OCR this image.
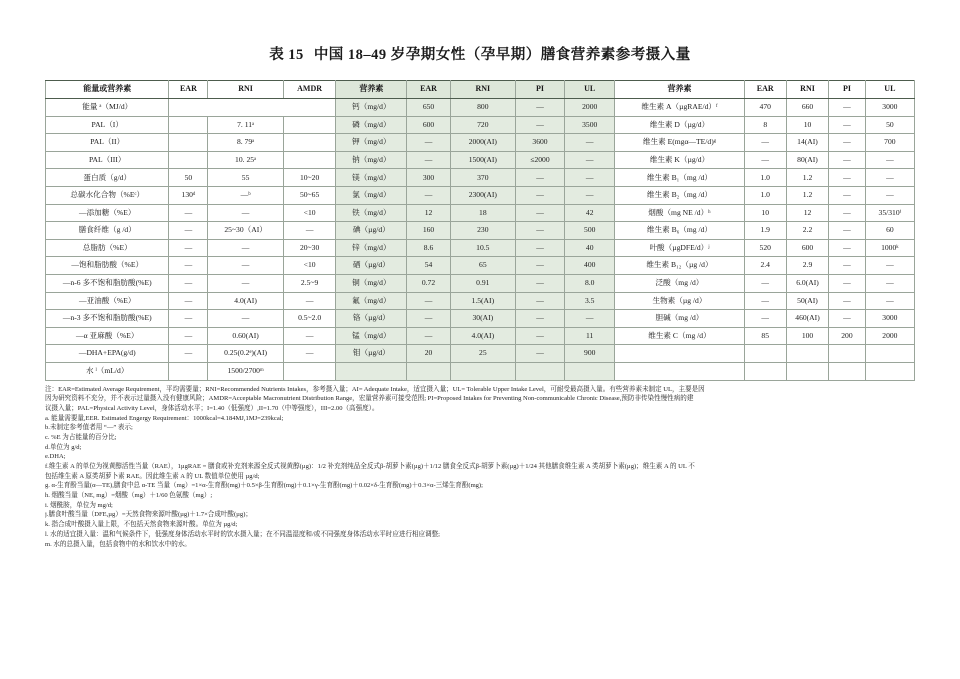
表 15 中国 18–49 岁孕期女性（孕早期）膳食营养素参考摄入量
能量或营养素	EAR	RNI	AMDR	营养素	EAR	RNI	PI	UL	营养素	EAR	RNI	PI	UL
能量 ᵃ（MJ/d）				钙（mg/d）	650	800	—	2000	维生素 A（µgRAE/d）ᶠ	470	660	—	3000
PAL（I）		7. 11ᵃ		磷（mg/d）	600	720	—	3500	维生素 D（µg/d）	8	10	—	50
PAL（II）		8. 79ᵃ		钾（mg/d）	—	2000(AI)	3600	—	维生素 E(mgα—TE/d)ᵍ	—	14(AI)	—	700
PAL（III）		10. 25ᵃ		钠（mg/d）	—	1500(AI)	≤2000	—	维生素 K（µg/d）	—	80(AI)	—	—
蛋白质（g/d）	50	55	10~20	镁（mg/d）	300	370	—	—	维生素 B₁（mg /d）	1.0	1.2	—	—
总碳水化合物（%Eᶜ）	130ᵈ	—ᵇ	50~65	氯（mg/d）	—	2300(AI)	—	—	维生素 B₂（mg /d）	1.0	1.2	—	—
—添加糖（%E）	—	—	<10	铁（mg/d）	12	18	—	42	烟酸（mg NE /d）ʰ	10	12	—	35/310ⁱ
膳食纤维（g /d）	—	25~30（AI）	—	碘（µg/d）	160	230	—	500	维生素 B₆（mg /d）	1.9	2.2	—	60
总脂肪（%E）	—	—	20~30	锌（mg/d）	8.6	10.5	—	40	叶酸（µgDFE/d）ʲ	520	600	—	1000ᵏ
—饱和脂肪酸（%E）	—	—	<10	硒（µg/d）	54	65	—	400	维生素 B₁₂（µg /d）	2.4	2.9	—	—
—n-6 多不饱和脂肪酸(%E)	—	—	2.5~9	铜（mg/d）	0.72	0.91	—	8.0	泛酸（mg /d）	—	6.0(AI)	—	—
—亚油酸（%E）	—	4.0(AI)	—	氟（mg/d）	—	1.5(AI)	—	3.5	生物素（µg /d）	—	50(AI)	—	—
—n-3 多不饱和脂肪酸(%E)	—	—	0.5~2.0	铬（µg/d）	—	30(AI)	—	—	胆碱（mg /d）	—	460(AI)	—	3000
—α 亚麻酸（%E）	—	0.60(AI)	—	锰（mg/d）	—	4.0(AI)	—	11	维生素 C（mg /d）	85	100	200	2000
—DHA+EPA(g/d)	—	0.25(0.2ᵉ)(AI)	—	钼（µg/d）	20	25	—	900					
水 ˡ（mL/d）		1500/2700ᵐ											
注：EAR=Estimated Average Requirement，平均需要量；RNI=Recommended Nutrients Intakes，参考摄入量；AI= Adequate Intake，适宜摄入量；UL= Tolerable Upper Intake Level，可耐受最高摄入量。有些营养素未制定 UL，主要是因
因为研究资料不充分，并不表示过量摄入没有健康风险；AMDR=Acceptable Macronutrient Distribution Range，宏量营养素可接受范围; PI=Proposed Intakes for Preventing Non-communicable Chronic Disease,预防非传染性慢性病的建
议摄入量；PAL=Physical Activity Level，身体活动水平；I=1.40（低强度）,II=1.70（中等强度），III=2.00（高强度）。
a. 能量需要量,EER. Estimated Engergy Requirement：1000kcal=4.184MJ,1MJ=239kcal;
b.未制定参考值者用 “—” 表示;
c. %E 为占能量的百分比;
d.单位为 g/d;
e.DHA;
f.维生素 A 的单位为视黄醇活性当量（RAE），1µgRAE = 膳食或补充剂来源全反式视黄醇(µg)：1/2 补充剂纯品全反式β-胡萝卜素(µg)＋1/12 膳食全反式β-胡萝卜素(µg)＋1/24 其他膳食维生素 A 类胡萝卜素(µg)；维生素 A 的 UL 不
包括维生素 A 原类胡萝卜素 RAE。因此维生素 A 的 UL 数值单位使用 µg/d;
g. α-生育酚当量(α—TE),膳食中总 α-TE 当量（mg）=1×α-生育酚(mg)＋0.5×β-生育酚(mg)＋0.1×γ-生育酚(mg)＋0.02×δ-生育酚(mg)＋0.3×α-三烯生育酚(mg);
h. 烟酸当量（NE, mg）=烟酸（mg）＋1/60 色氨酸（mg）;
i. 烟酰胺，单位为 mg/d;
j.膳食叶酸当量（DFE,µg）=天然食物来源叶酸(µg)＋1.7×合成叶酸(µg)；
k. 指合成叶酸摄入量上限，不包括天然食物来源叶酸。单位为 µg/d;
l. 水的适宜摄入量：温和气候条件下，低强度身体活动水平时的饮水摄入量；在不同温湿度和/或不同强度身体活动水平时应进行相应调整;
m. 水的总摄入量，包括食物中的水和饮水中的水。
